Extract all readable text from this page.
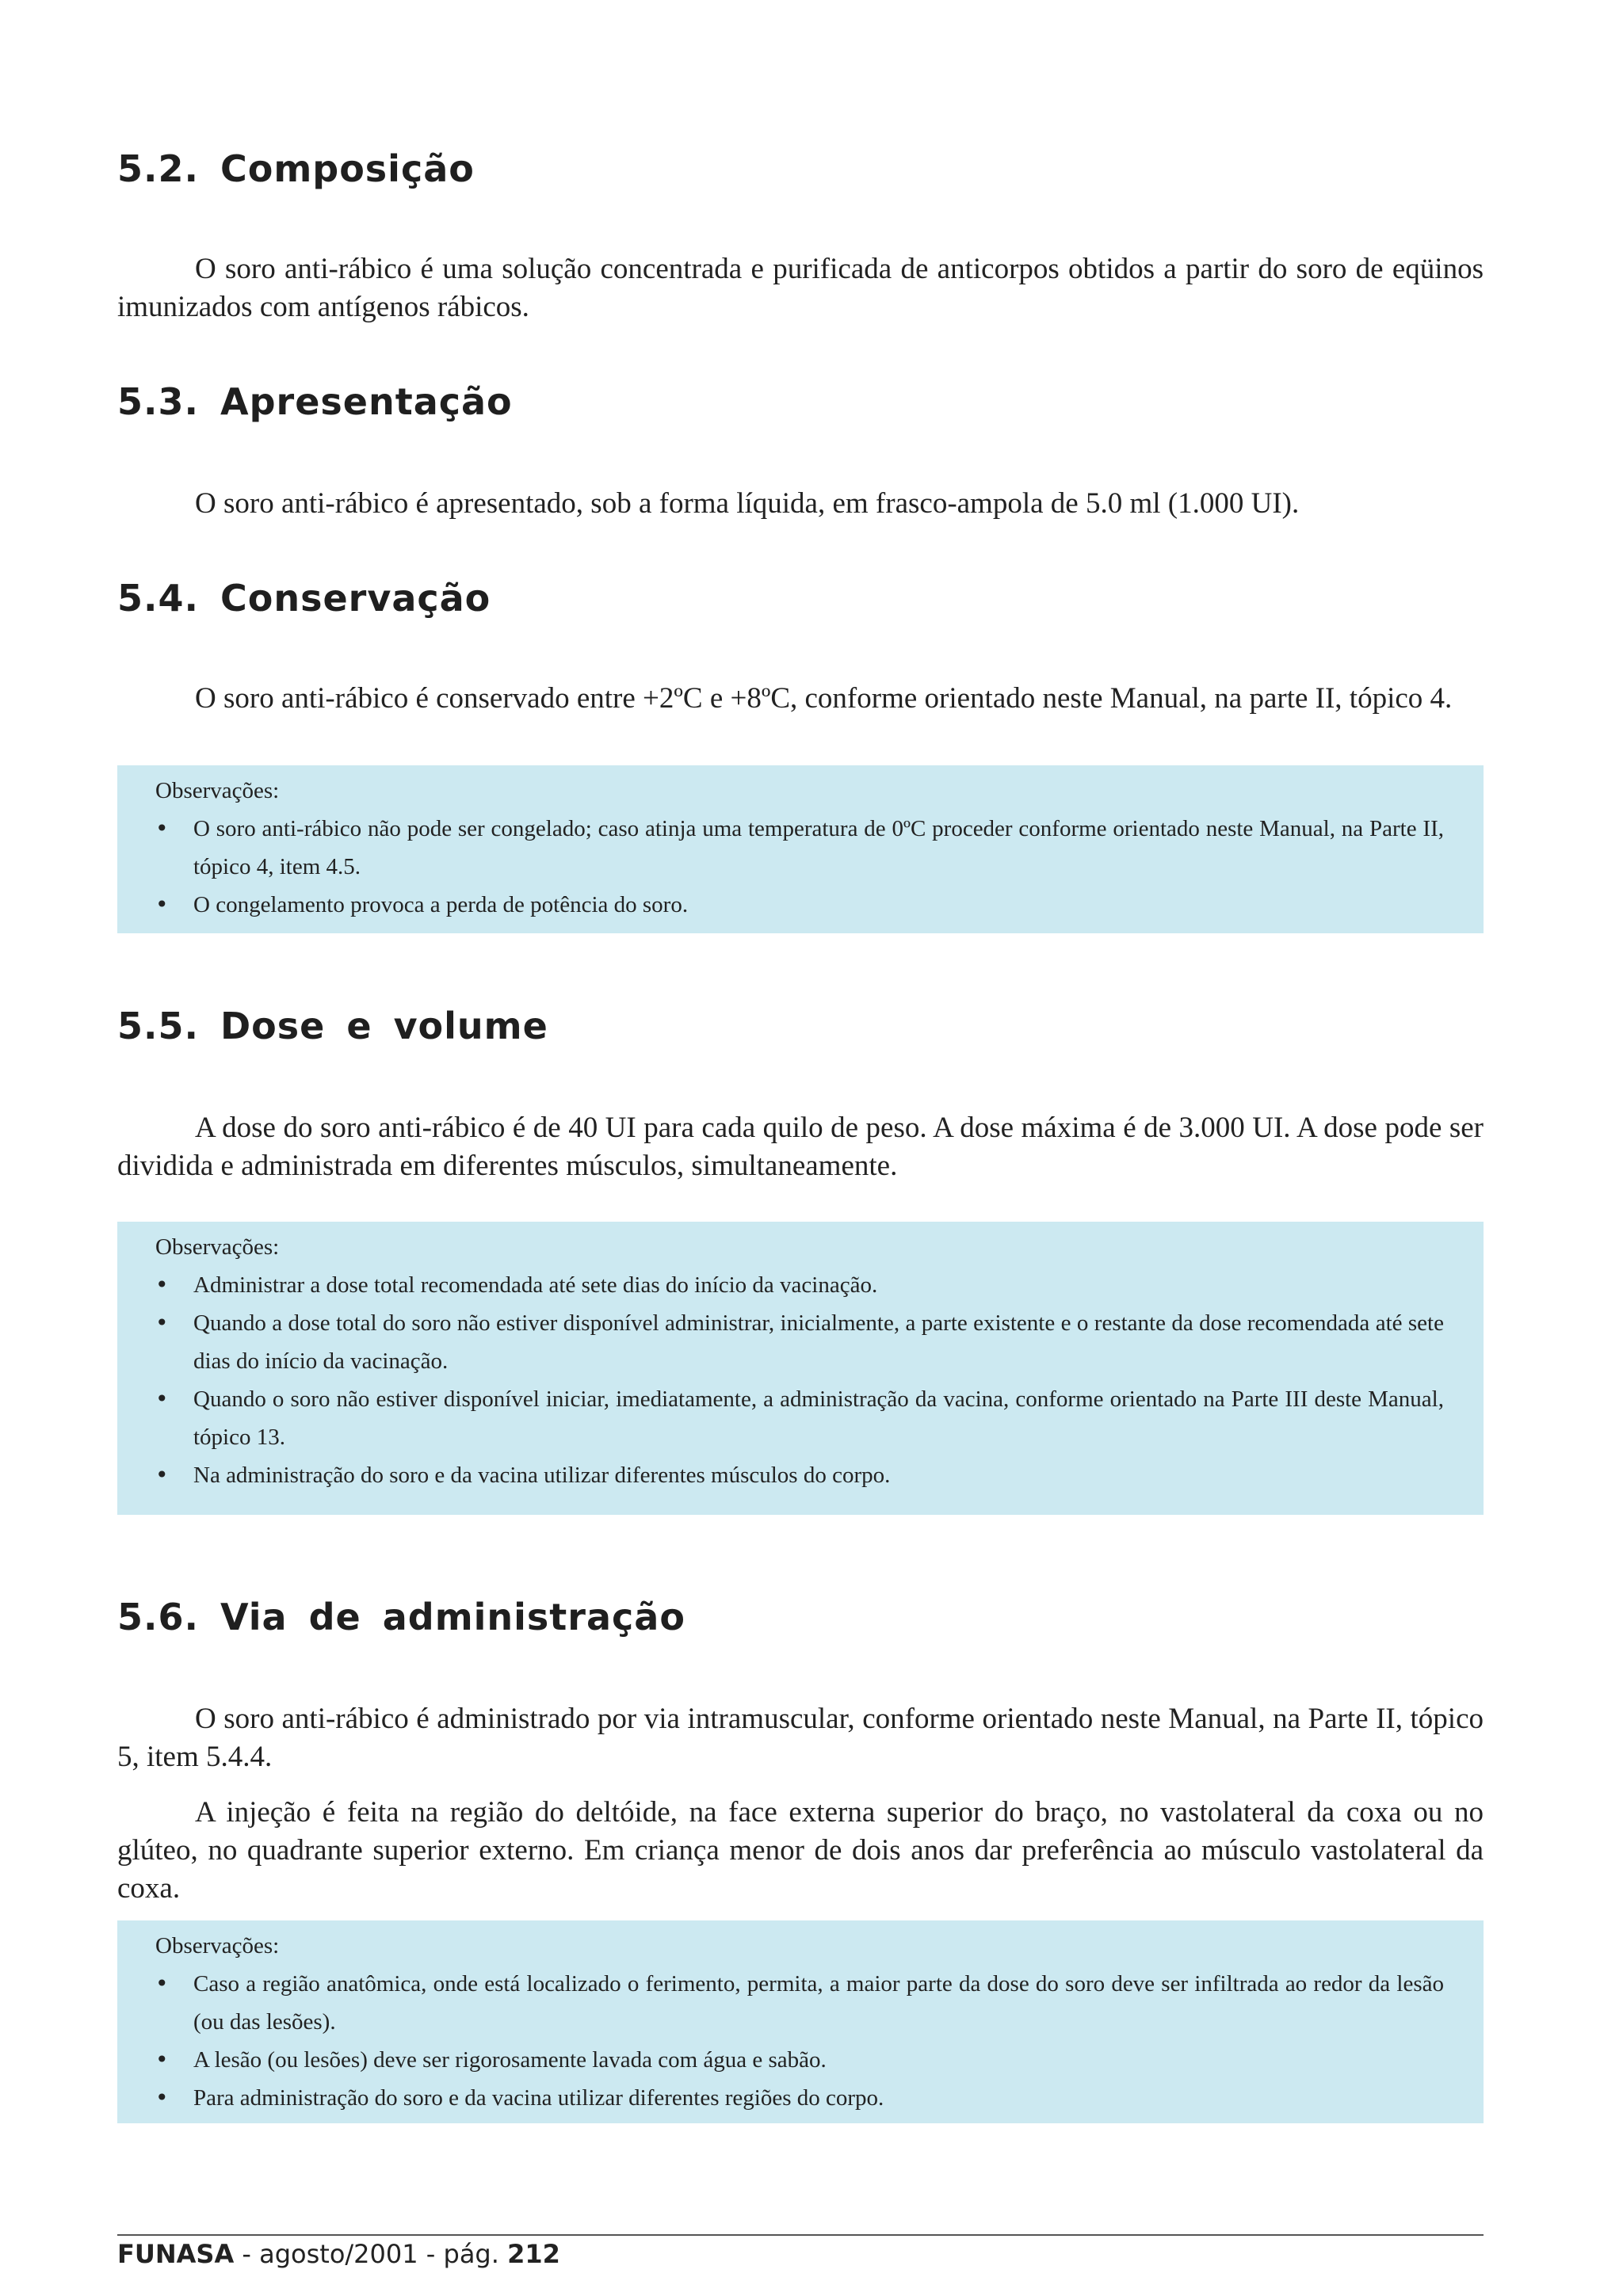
5.2. Composição

O soro anti-rábico é uma solução concentrada e purificada de anticorpos obtidos a partir do soro de eqüinos imunizados com antígenos rábicos.

5.3. Apresentação

O soro anti-rábico é apresentado, sob a forma líquida, em frasco-ampola de 5.0 ml (1.000 UI).

5.4. Conservação

O soro anti-rábico é conservado entre +2ºC e +8ºC, conforme orientado neste Manual, na parte II, tópico 4.

Observações:
• O soro anti-rábico não pode ser congelado; caso atinja uma temperatura de 0ºC proceder conforme orientado neste Manual, na Parte II, tópico 4, item 4.5.
• O congelamento provoca a perda de potência do soro.
5.5. Dose e volume

A dose do soro anti-rábico é de 40 UI para cada quilo de peso. A dose máxima é de 3.000 UI. A dose pode ser dividida e administrada em diferentes músculos, simultaneamente.

Observações:
• Administrar a dose total recomendada até sete dias do início da vacinação.
• Quando a dose total do soro não estiver disponível administrar, inicialmente, a parte existente e o restante da dose recomendada até sete dias do início da vacinação.
• Quando o soro não estiver disponível iniciar, imediatamente, a administração da vacina, conforme orientado na Parte III deste Manual, tópico 13.
• Na administração do soro e da vacina utilizar diferentes músculos do corpo.
5.6. Via de administração

O soro anti-rábico é administrado por via intramuscular, conforme orientado neste Manual, na Parte II, tópico 5, item 5.4.4.

A injeção é feita na região do deltóide, na face externa superior do braço, no vastolateral da coxa ou no glúteo, no quadrante superior externo. Em criança menor de dois anos dar preferência ao músculo vastolateral da coxa.

Observações:
• Caso a região anatômica, onde está localizado o ferimento, permita, a maior parte da dose do soro deve ser infiltrada ao redor da lesão (ou das lesões).
• A lesão (ou lesões) deve ser rigorosamente lavada com água e sabão.
• Para administração do soro e da vacina utilizar diferentes regiões do corpo.
FUNASA - agosto/2001 - pág. 212
